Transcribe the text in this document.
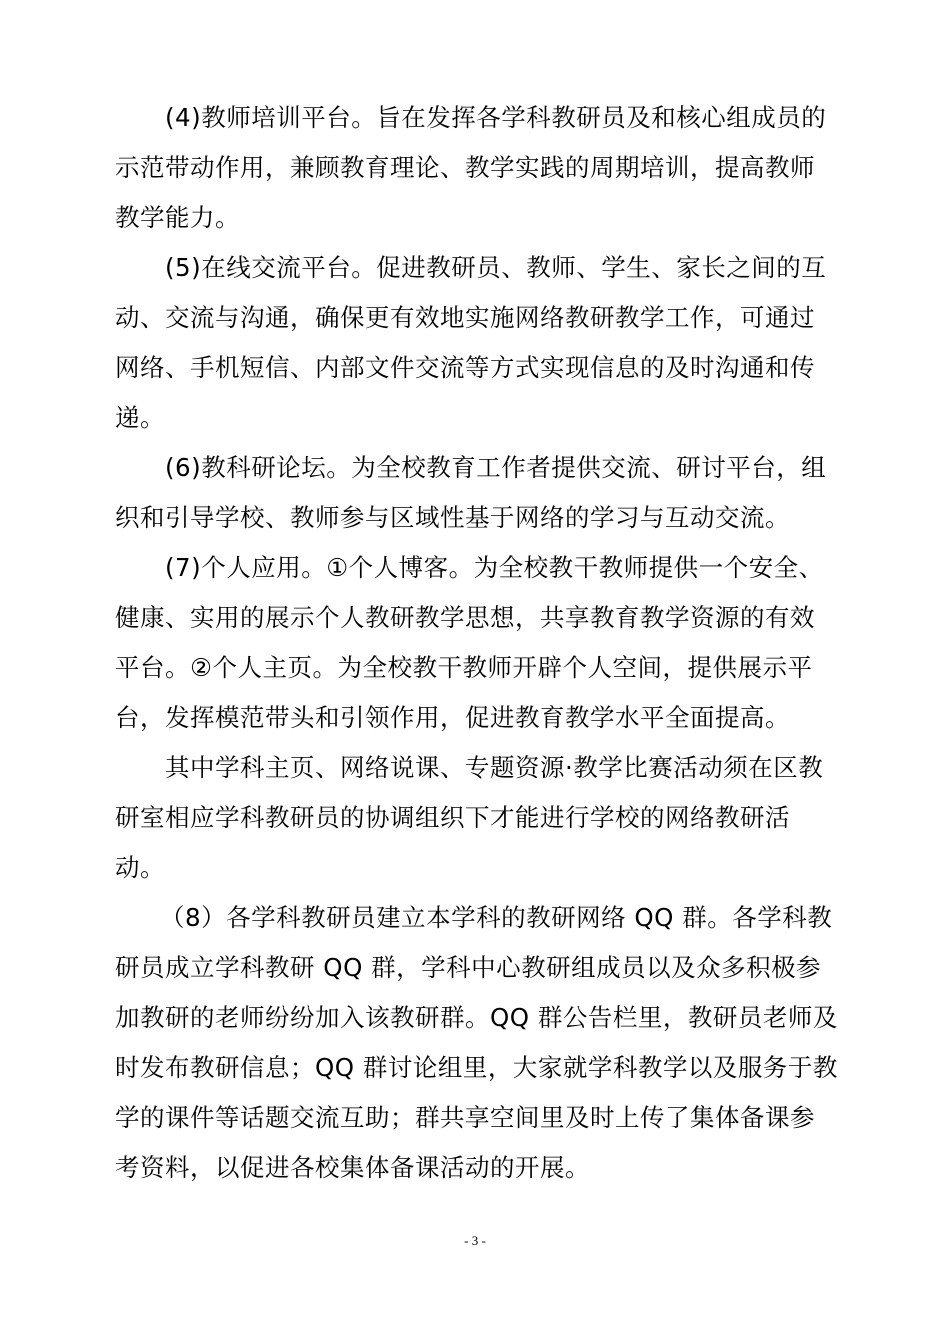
(4)教师培训平台。旨在发挥各学科教研员及和核心组成员的
示范带动作用，兼顾教育理论、教学实践的周期培训，提高教师
教学能力。
(5)在线交流平台。促进教研员、教师、学生、家长之间的互
动、交流与沟通，确保更有效地实施网络教研教学工作，可通过
网络、手机短信、内部文件交流等方式实现信息的及时沟通和传
递。
(6)教科研论坛。为全校教育工作者提供交流、研讨平台，组
织和引导学校、教师参与区域性基于网络的学习与互动交流。
(7)个人应用。①个人博客。为全校教干教师提供一个安全、
健康、实用的展示个人教研教学思想，共享教育教学资源的有效
平台。②个人主页。为全校教干教师开辟个人空间，提供展示平
台，发挥模范带头和引领作用，促进教育教学水平全面提高。
其中学科主页、网络说课、专题资源·教学比赛活动须在区教
研室相应学科教研员的协调组织下才能进行学校的网络教研活
动。
（8）各学科教研员建立本学科的教研网络 QQ 群。各学科教
研员成立学科教研 QQ 群，学科中心教研组成员以及众多积极参
加教研的老师纷纷加入该教研群。QQ 群公告栏里，教研员老师及
时发布教研信息；QQ 群讨论组里，大家就学科教学以及服务于教
学的课件等话题交流互助；群共享空间里及时上传了集体备课参
考资料，以促进各校集体备课活动的开展。
- 3 -
